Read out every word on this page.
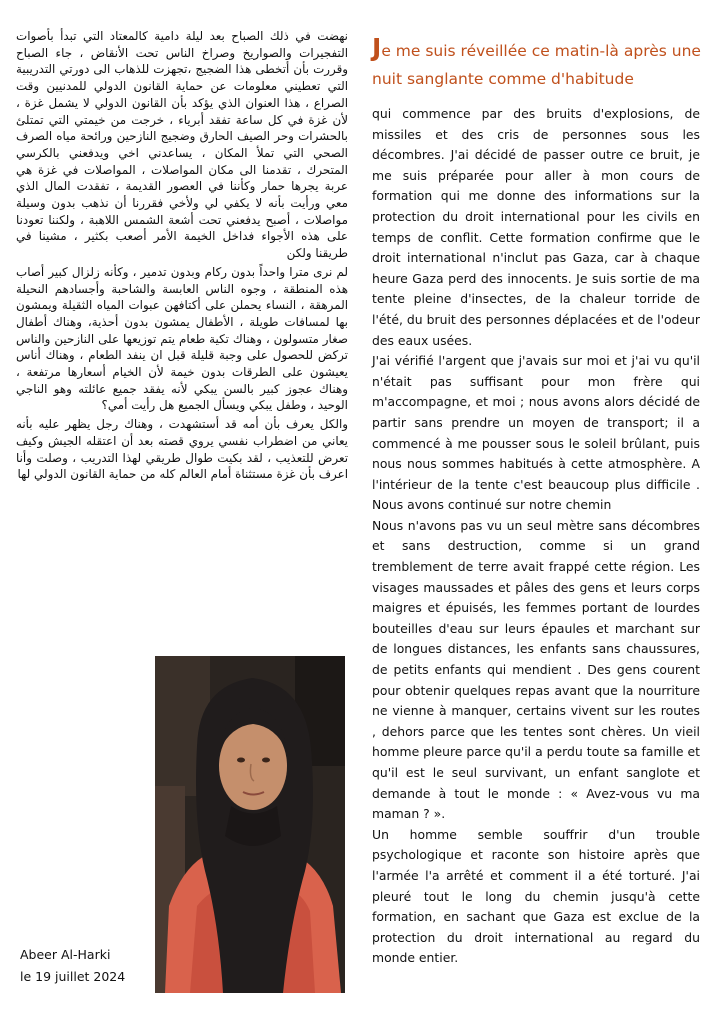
نهضت في ذلك الصباح بعد ليلة دامية كالمعتاد التي تبدأ بأصوات التفجيرات والصواريخ وصراخ الناس تحت الأنقاض ، جاء الصباح وقررت بأن أتخطى هذا الضجيج ،تجهزت للذهاب الى دورتي التدريبية التي تعطيني معلومات عن حماية القانون الدولي للمدنيين وقت الصراع ، هذا العنوان الذي يؤكد بأن القانون الدولي لا يشمل غزة ، لأن غزة في كل ساعة تفقد أبرياء ، خرجت من خيمتي التي تمتلئ بالحشرات وحر الصيف الحارق وضجيج النازحين ورائحة مياه الصرف الصحي التي تملأ المكان ، يساعدني اخي ويدفعني بالكرسي المتحرك ، تقدمنا الى مكان المواصلات ، المواصلات في غزة هي عربة يجرها حمار وكأننا في العصور القديمة ، تفقدت المال الذي معي ورأيت بأنه لا يكفي لي ولأخي فقررنا أن نذهب بدون وسيلة مواصلات ، أصبح يدفعني تحت أشعة الشمس اللاهبة ، ولكننا تعودنا على هذه الأجواء فداخل الخيمة الأمر أصعب بكثير ، مشينا في طريقنا ولكن

لم نرى مترا واحداً بدون ركام وبدون تدمير ، وكأنه زلزال كبير أصاب هذه المنطقة ، وجوه الناس العابسة والشاحبة وأجسادهم النحيلة المرهقة ، النساء يحملن على أكتافهن عبوات المياه الثقيلة ويمشون بها لمسافات طويلة ، الأطفال يمشون بدون أحذية، وهناك أطفال صغار متسولون ، وهناك تكية طعام يتم توزيعها على النازحين والناس تركض للحصول على وجبة قليلة قبل ان ينفد الطعام ، وهناك أناس يعيشون على الطرقات بدون خيمة لأن الخيام أسعارها مرتفعة ، وهناك عجوز كبير بالسن يبكي لأنه يفقد جميع عائلته وهو الناجي الوحيد ، وطفل يبكي ويسأل الجميع هل رأيت أمي؟

والكل يعرف بأن أمه قد أستشهدت ، وهناك رجل يظهر عليه بأنه يعاني من اضطراب نفسي يروي قصته بعد أن اعتقله الجيش وكيف تعرض للتعذيب ، لقد بكيت طوال طريقي لهذا التدريب ، وصلت وأنا اعرف بأن غزة مستثناة أمام العالم كله من حماية القانون الدولي لها

Abeer Al-Harki
le 19 juillet 2024
Je me suis réveillée ce matin-là après une nuit sanglante comme d'habitude

qui commence par des bruits d'explosions, de missiles et des cris de personnes sous les décombres. J'ai décidé de passer outre ce bruit, je me suis préparée pour aller à mon cours de formation qui me donne des informations sur la protection du droit international pour les civils en temps de conflit. Cette formation confirme que le droit international n'inclut pas Gaza, car à chaque heure Gaza perd des innocents. Je suis sortie de ma tente pleine d'insectes, de la chaleur torride de l'été, du bruit des personnes déplacées et de l'odeur des eaux usées.

J'ai vérifié l'argent que j'avais sur moi et j'ai vu qu'il n'était pas suffisant pour mon frère qui m'accompagne, et moi ; nous avons alors décidé de partir sans prendre un moyen de transport; il a commencé à me pousser sous le soleil brûlant, puis nous nous sommes habitués à cette atmosphère. A l'intérieur de la tente c'est beaucoup plus difficile . Nous avons continué sur notre chemin

Nous n'avons pas vu un seul mètre sans décombres et sans destruction, comme si un grand tremblement de terre avait frappé cette région. Les visages maussades et pâles des gens et leurs corps maigres et épuisés, les femmes portant de lourdes bouteilles d'eau sur leurs épaules et marchant sur de longues distances, les enfants sans chaussures, de petits enfants qui mendient . Des gens courent pour obtenir quelques repas avant que la nourriture ne vienne à manquer, certains vivent sur les routes , dehors parce que les tentes sont chères. Un vieil homme pleure parce qu'il a perdu toute sa famille et qu'il est le seul survivant, un enfant sanglote et demande à tout le monde : « Avez-vous vu ma maman ? ».

Un homme semble souffrir d'un trouble psychologique et raconte son histoire après que l'armée l'a arrêté et comment il a été torturé. J'ai pleuré tout le long du chemin jusqu'à cette formation, en sachant que Gaza est exclue de la protection du droit international au regard du monde entier.
